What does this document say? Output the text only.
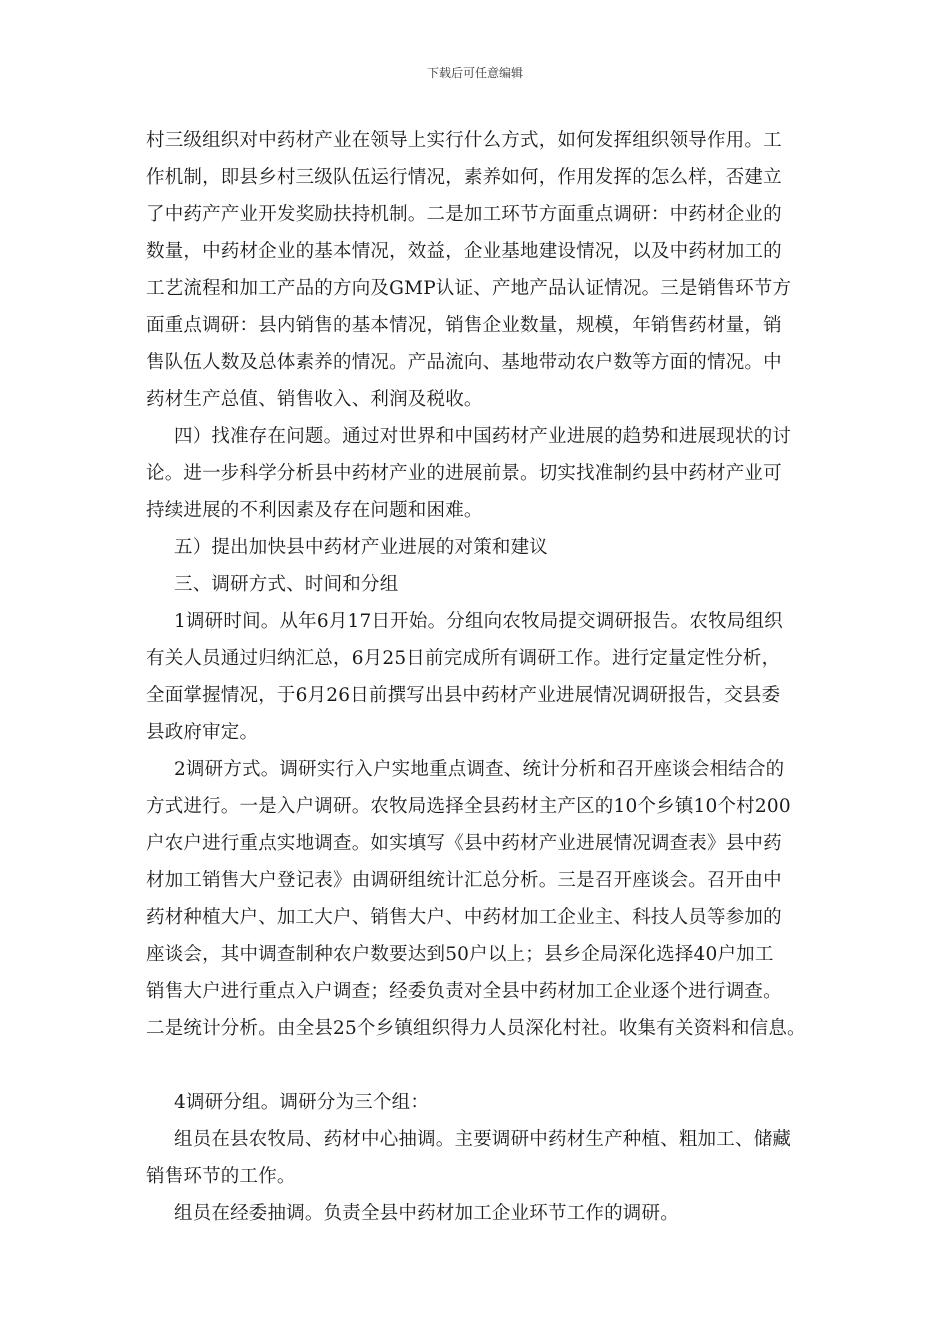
下载后可任意编辑
村三级组织对中药材产业在领导上实行什么方式，如何发挥组织领导作用。工
作机制，即县乡村三级队伍运行情况，素养如何，作用发挥的怎么样，否建立
了中药产产业开发奖励扶持机制。二是加工环节方面重点调研：中药材企业的
数量，中药材企业的基本情况，效益，企业基地建设情况，以及中药材加工的
工艺流程和加工产品的方向及GMP认证、产地产品认证情况。三是销售环节方
面重点调研：县内销售的基本情况，销售企业数量，规模，年销售药材量，销
售队伍人数及总体素养的情况。产品流向、基地带动农户数等方面的情况。中
药材生产总值、销售收入、利润及税收。
四）找准存在问题。通过对世界和中国药材产业进展的趋势和进展现状的讨
论。进一步科学分析县中药材产业的进展前景。切实找准制约县中药材产业可
持续进展的不利因素及存在问题和困难。
五）提出加快县中药材产业进展的对策和建议
三、调研方式、时间和分组
1调研时间。从年6月17日开始。分组向农牧局提交调研报告。农牧局组织
有关人员通过归纳汇总，6月25日前完成所有调研工作。进行定量定性分析，
全面掌握情况，于6月26日前撰写出县中药材产业进展情况调研报告，交县委
县政府审定。
2调研方式。调研实行入户实地重点调查、统计分析和召开座谈会相结合的
方式进行。一是入户调研。农牧局选择全县药材主产区的10个乡镇10个村200
户农户进行重点实地调查。如实填写《县中药材产业进展情况调查表》县中药
材加工销售大户登记表》由调研组统计汇总分析。三是召开座谈会。召开由中
药材种植大户、加工大户、销售大户、中药材加工企业主、科技人员等参加的
座谈会，其中调查制种农户数要达到50户以上；县乡企局深化选择40户加工
销售大户进行重点入户调查；经委负责对全县中药材加工企业逐个进行调查。
二是统计分析。由全县25个乡镇组织得力人员深化村社。收集有关资料和信息。
4调研分组。调研分为三个组：
组员在县农牧局、药材中心抽调。主要调研中药材生产种植、粗加工、储藏
销售环节的工作。
组员在经委抽调。负责全县中药材加工企业环节工作的调研。
